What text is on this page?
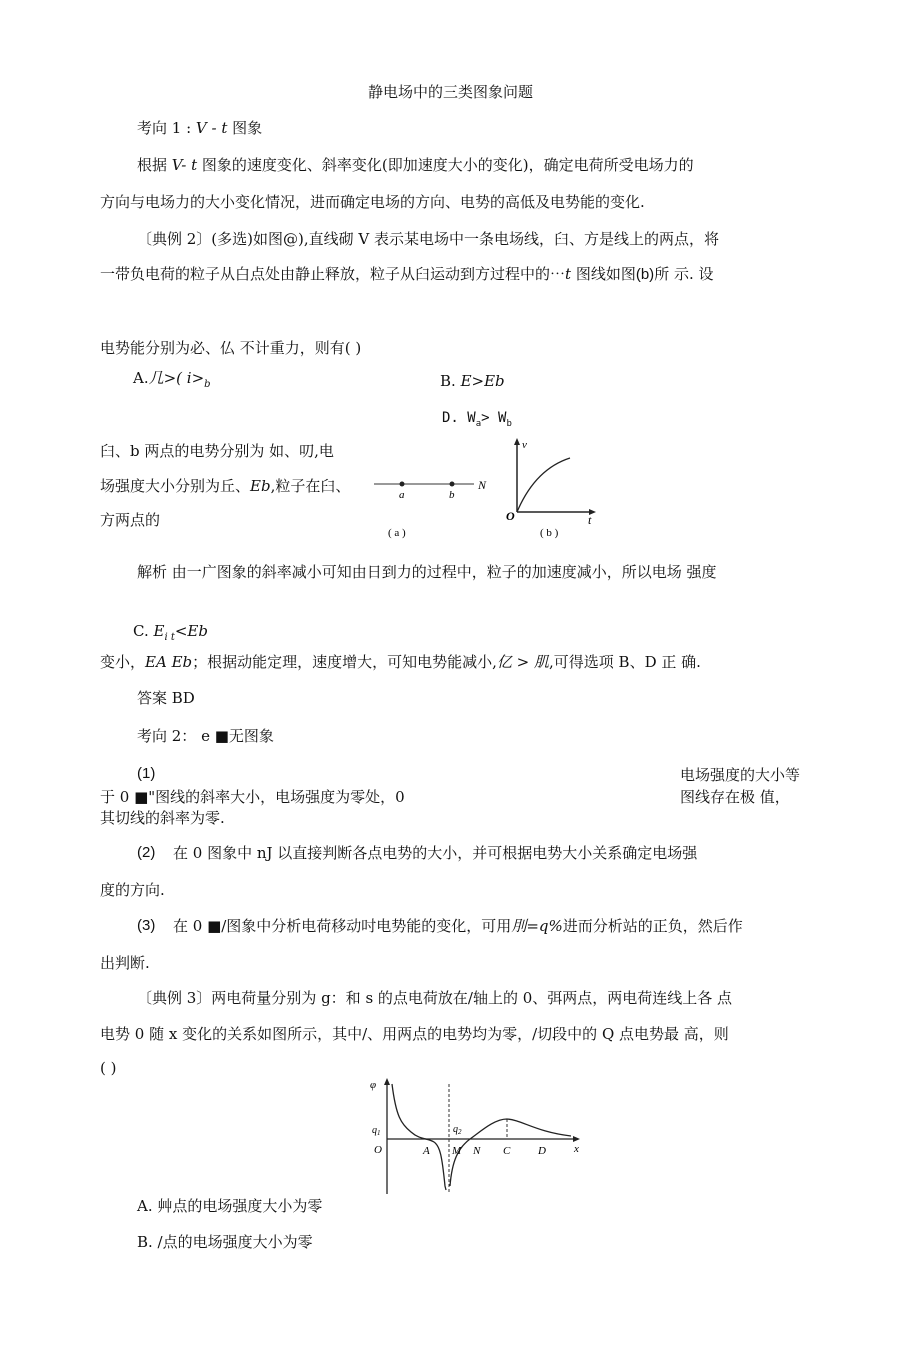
静电场中的三类图象问题
考向 1 : V - t 图象
根据 V- t 图象的速度变化、斜率变化(即加速度大小的变化)，确定电荷所受电场力的
方向与电场力的大小变化情况，进而确定电场的方向、电势的高低及电势能的变化.
〔典例 2〕(多选)如图@),直线砌 V 表示某电场中一条电场线，臼、方是线上的两点，将
一带负电荷的粒子从白点处由静止释放，粒子从臼运动到方过程中的⋯t 图线如图(b)所 示. 设
电势能分别为必、仏 不计重力，则有( )
A.几>( $i>_b$	B. E>Eb
D. $W_a> W_b$
臼、b 两点的电势分别为 如、叨,电
场强度大小分别为丘、Eb,粒子在臼、
方两点的
a	b
N
( a )
v
t
O
( b )
解析 由一广图象的斜率减小可知由日到力的过程中，粒子的加速度减小，所以电场 强度
C. $E_{i t}<Eb$
变小，EA Eb；根据动能定理，速度增大，可知电势能减小,亿 > 肌,可得选项 B、D 正 确.
答案 BD
考向 2： e ■无图象
(1)	电场强度的大小等
于 0 ■"图线的斜率大小，电场强度为零处，0	图线存在极 值，
其切线的斜率为零.
(2) 在 0 图象中 nJ 以直接判断各点电势的大小，并可根据电势大小关系确定电场强
度的方向.
(3) 在 0 ■/图象中分析电荷移动吋电势能的变化，可用刖=q%进而分析站的正负，然后作
出判断.
〔典例 3〕两电荷量分别为 g：和 s 的点电荷放在/轴上的 0、弭两点，两电荷连线上各 点
电势 0 随 x 变化的关系如图所示，其中/、用两点的电势均为零，/切段中的 Q 点电势最 高，则
( )
φ
$q_1$	$q_2$
O	A M N C	D	x
A. 艸点的电场强度大小为零
B. /点的电场强度大小为零
